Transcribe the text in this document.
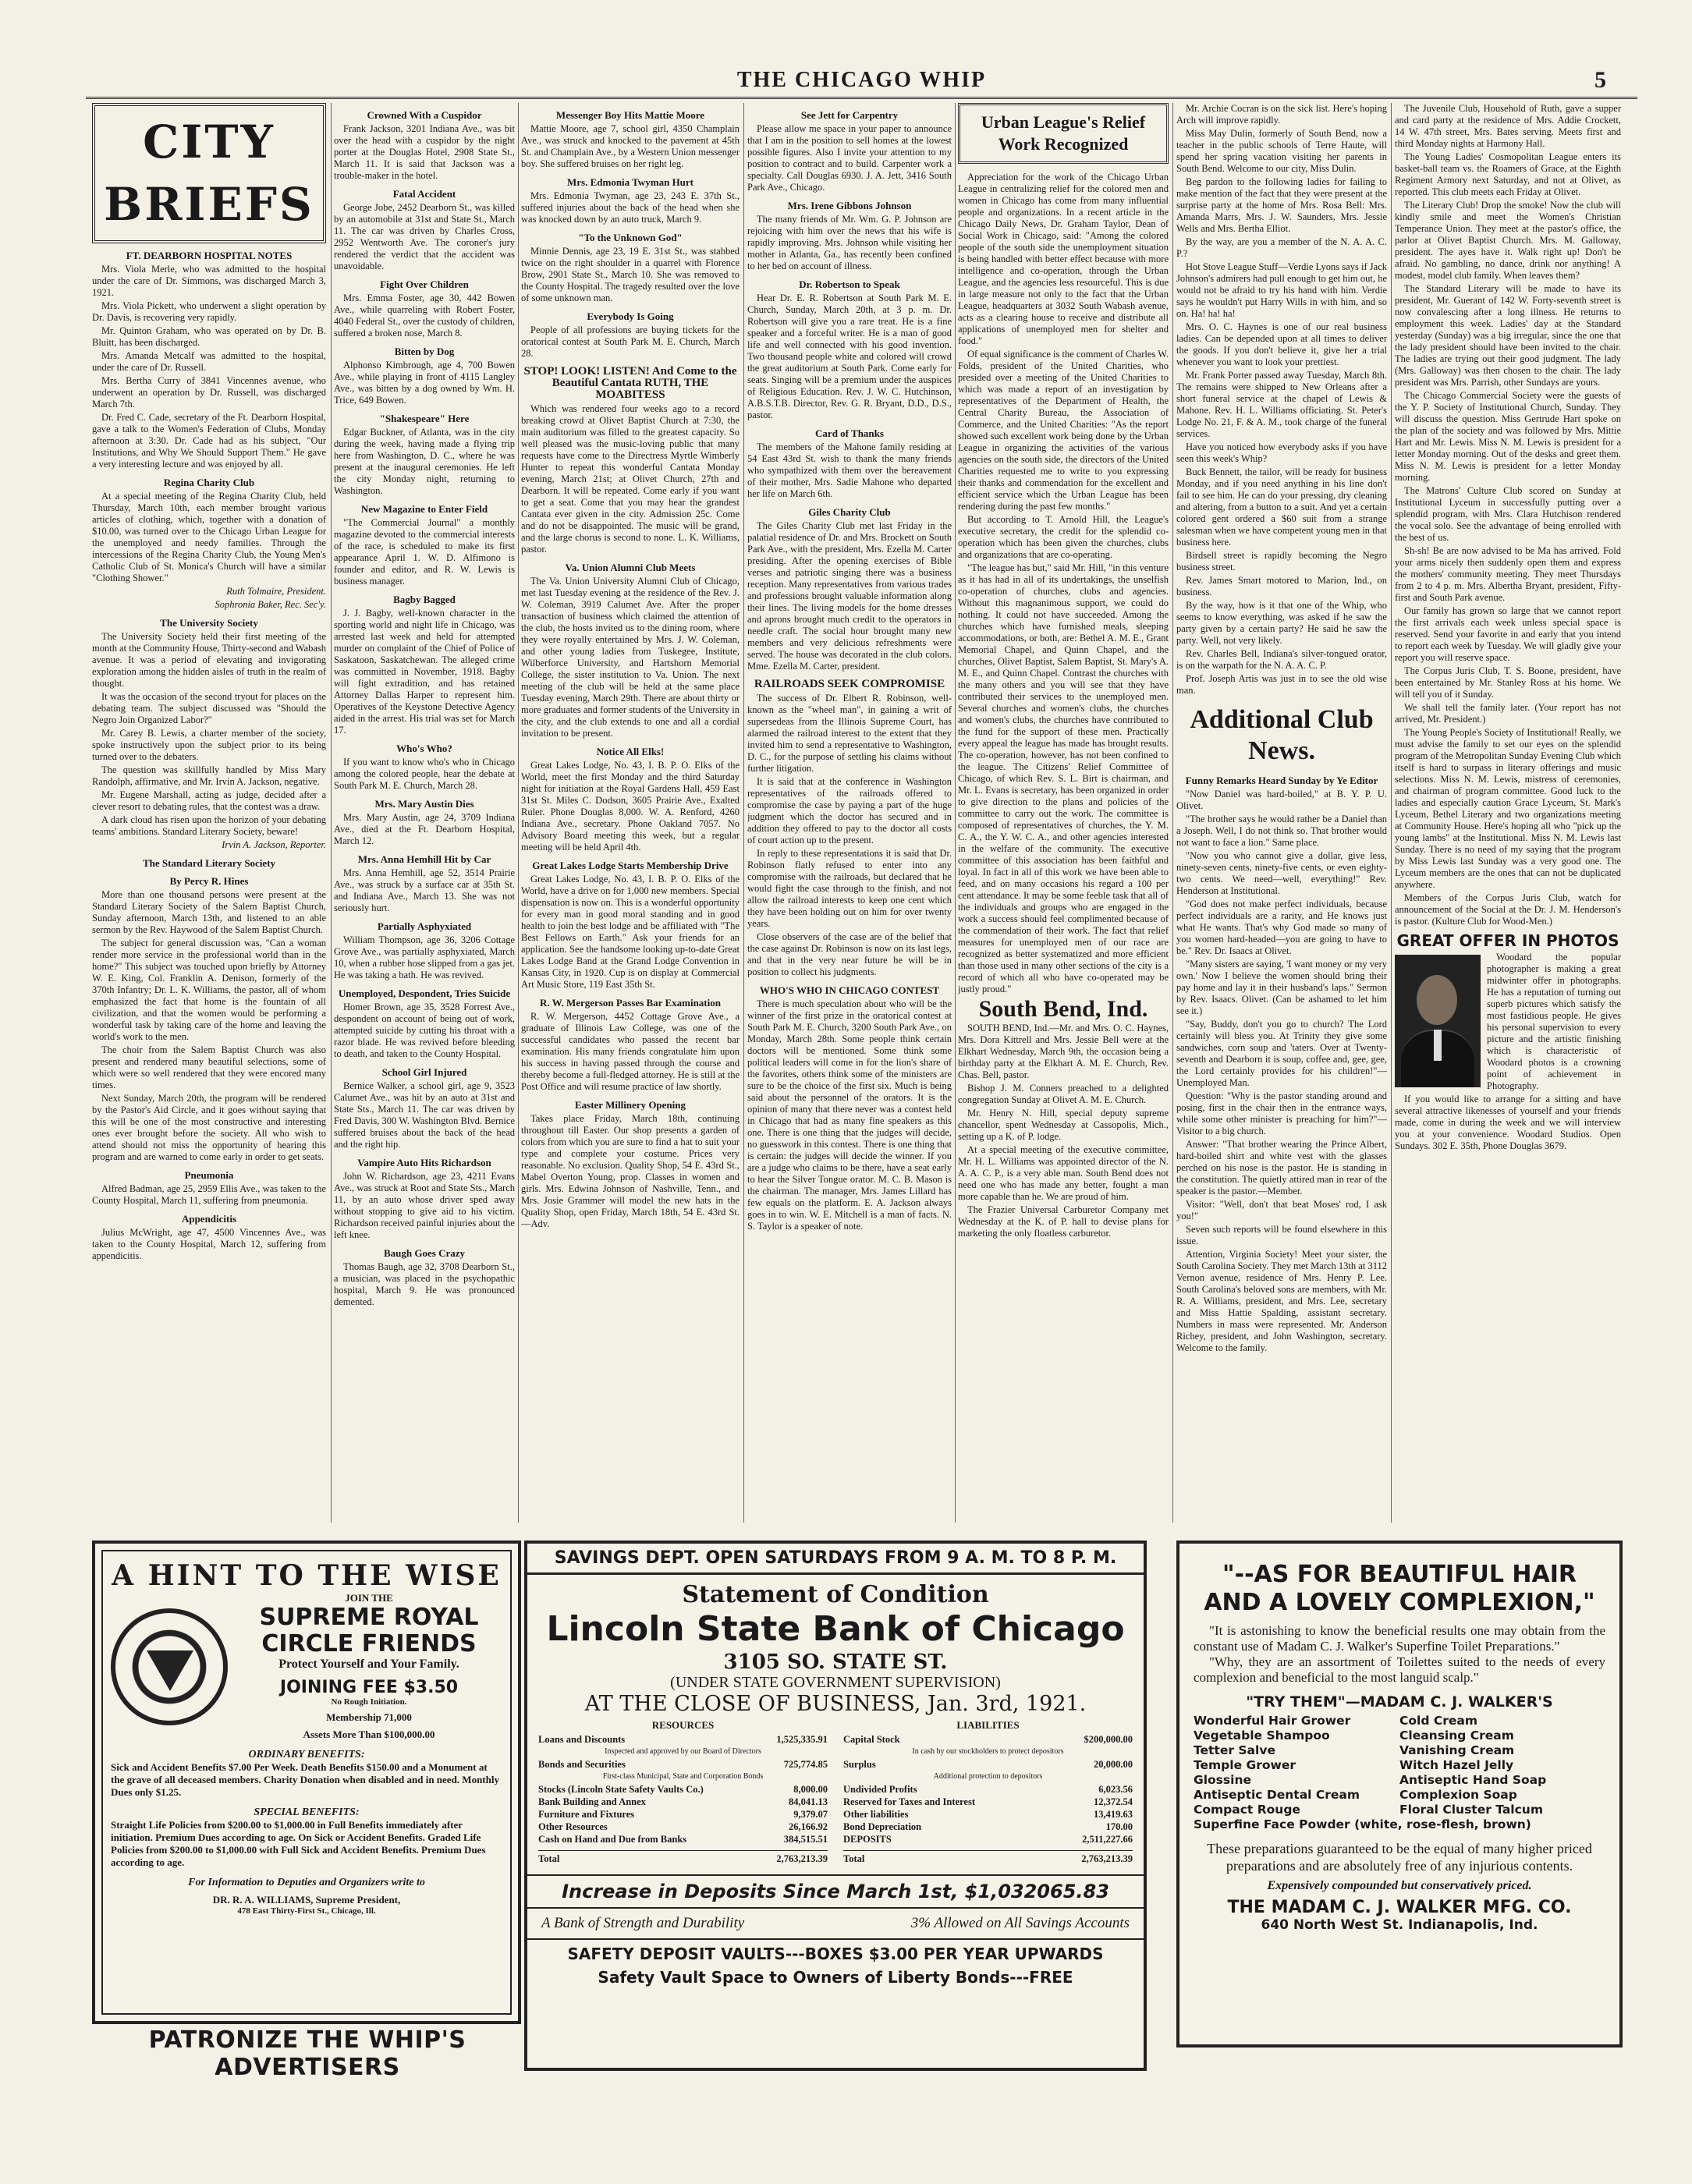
THE CHICAGO WHIP	5
CITY BRIEFS
FT. DEARBORN HOSPITAL NOTES

Mrs. Viola Merle, who was admitted to the hospital under the care of Dr. Simmons, was discharged March 3, 1921.

Mrs. Viola Pickett, who underwent a slight operation by Dr. Davis, is recovering very rapidly.

Mr. Quinton Graham, who was operated on by Dr. B. Bluitt, has been discharged.

Mrs. Amanda Metcalf was admitted to the hospital, under the care of Dr. Russell.

Mrs. Bertha Curry of 3841 Vincennes avenue, who underwent an operation by Dr. Russell, was discharged March 7th.

Dr. Fred C. Cade, secretary of the Ft. Dearborn Hospital, gave a talk to the Women's Federation of Clubs, Monday afternoon at 3:30. Dr. Cade had as his subject, "Our Institutions, and Why We Should Support Them." He gave a very interesting lecture and was enjoyed by all.

Regina Charity Club

At a special meeting of the Regina Charity Club, held Thursday, March 10th, each member brought various articles of clothing, which, together with a donation of $10.00, was turned over to the Chicago Urban League for the unemployed and needy families. Through the intercessions of the Regina Charity Club, the Young Men's Catholic Club of St. Monica's Church will have a similar "Clothing Shower."

Ruth Tolmaire, President.
Sophronia Baker, Rec. Sec'y.
The University Society

The University Society held their first meeting of the month at the Community House, Thirty-second and Wabash avenue. It was a period of elevating and invigorating exploration among the hidden aisles of truth in the realm of thought.

It was the occasion of the second tryout for places on the debating team. The subject discussed was "Should the Negro Join Organized Labor?"

Mr. Carey B. Lewis, a charter member of the society, spoke instructively upon the subject prior to its being turned over to the debaters.

The question was skillfully handled by Miss Mary Randolph, affirmative, and Mr. Irvin A. Jackson, negative.

Mr. Eugene Marshall, acting as judge, decided after a clever resort to debating rules, that the contest was a draw.

A dark cloud has risen upon the horizon of your debating teams' ambitions. Standard Literary Society, beware!

Irvin A. Jackson, Reporter.
The Standard Literary Society
By Percy R. Hines

More than one thousand persons were present at the Standard Literary Society of the Salem Baptist Church, Sunday afternoon, March 13th, and listened to an able sermon by the Rev. Haywood of the Salem Baptist Church.

The subject for general discussion was, "Can a woman render more service in the professional world than in the home?" This subject was touched upon briefly by Attorney W. E. King, Col. Franklin A. Denison, formerly of the 370th Infantry; Dr. L. K. Williams, the pastor, all of whom emphasized the fact that home is the fountain of all civilization, and that the women would be performing a wonderful task by taking care of the home and leaving the world's work to the men.

The choir from the Salem Baptist Church was also present and rendered many beautiful selections, some of which were so well rendered that they were encored many times.

Next Sunday, March 20th, the program will be rendered by the Pastor's Aid Circle, and it goes without saying that this will be one of the most constructive and interesting ones ever brought before the society. All who wish to attend should not miss the opportunity of hearing this program and are warned to come early in order to get seats.

Pneumonia

Alfred Badman, age 25, 2959 Ellis Ave., was taken to the County Hospital, March 11, suffering from pneumonia.

Appendicitis

Julius McWright, age 47, 4500 Vincennes Ave., was taken to the County Hospital, March 12, suffering from appendicitis.

Crowned With a Cuspidor

Frank Jackson, 3201 Indiana Ave., was bit over the head with a cuspidor by the night porter at the Douglas Hotel, 2908 State St., March 11. It is said that Jackson was a trouble-maker in the hotel.

Fatal Accident

George Jobe, 2452 Dearborn St., was killed by an automobile at 31st and State St., March 11. The car was driven by Charles Cross, 2952 Wentworth Ave. The coroner's jury rendered the verdict that the accident was unavoidable.

Fight Over Children

Mrs. Emma Foster, age 30, 442 Bowen Ave., while quarreling with Robert Foster, 4040 Federal St., over the custody of children, suffered a broken nose, March 8.

Bitten by Dog

Alphonso Kimbrough, age 4, 700 Bowen Ave., while playing in front of 4115 Langley Ave., was bitten by a dog owned by Wm. H. Trice, 649 Bowen.

"Shakespeare" Here

Edgar Buckner, of Atlanta, was in the city during the week, having made a flying trip here from Washington, D. C., where he was present at the inaugural ceremonies. He left the city Monday night, returning to Washington.

New Magazine to Enter Field

"The Commercial Journal" a monthly magazine devoted to the commercial interests of the race, is scheduled to make its first appearance April 1. W. D. Alfimono is founder and editor, and R. W. Lewis is business manager.

Bagby Bagged

J. J. Bagby, well-known character in the sporting world and night life in Chicago, was arrested last week and held for attempted murder on complaint of the Chief of Police of Saskatoon, Saskatchewan. The alleged crime was committed in November, 1918. Bagby will fight extradition, and has retained Attorney Dallas Harper to represent him. Operatives of the Keystone Detective Agency aided in the arrest. His trial was set for March 17.

Who's Who?

If you want to know who's who in Chicago among the colored people, hear the debate at South Park M. E. Church, March 28.

Mrs. Mary Austin Dies

Mrs. Mary Austin, age 24, 3709 Indiana Ave., died at the Ft. Dearborn Hospital, March 12.

Mrs. Anna Hemhill Hit by Car

Mrs. Anna Hemhill, age 52, 3514 Prairie Ave., was struck by a surface car at 35th St. and Indiana Ave., March 13. She was not seriously hurt.

Partially Asphyxiated

William Thompson, age 36, 3206 Cottage Grove Ave., was partially asphyxiated, March 10, when a rubber hose slipped from a gas jet. He was taking a bath. He was revived.

Unemployed, Despondent, Tries Suicide

Homer Brown, age 35, 3528 Forrest Ave., despondent on account of being out of work, attempted suicide by cutting his throat with a razor blade. He was revived before bleeding to death, and taken to the County Hospital.

School Girl Injured

Bernice Walker, a school girl, age 9, 3523 Calumet Ave., was hit by an auto at 31st and State Sts., March 11. The car was driven by Fred Davis, 300 W. Washington Blvd. Bernice suffered bruises about the back of the head and the right hip.

Vampire Auto Hits Richardson

John W. Richardson, age 23, 4211 Evans Ave., was struck at Root and State Sts., March 11, by an auto whose driver sped away without stopping to give aid to his victim. Richardson received painful injuries about the left knee.

Baugh Goes Crazy

Thomas Baugh, age 32, 3708 Dearborn St., a musician, was placed in the psychopathic hospital, March 9. He was pronounced demented.

Messenger Boy Hits Mattie Moore

Mattie Moore, age 7, school girl, 4350 Champlain Ave., was struck and knocked to the pavement at 45th St. and Champlain Ave., by a Western Union messenger boy. She suffered bruises on her right leg.

Mrs. Edmonia Twyman Hurt

Mrs. Edmonia Twyman, age 23, 243 E. 37th St., suffered injuries about the back of the head when she was knocked down by an auto truck, March 9.

"To the Unknown God"

Minnie Dennis, age 23, 19 E. 31st St., was stabbed twice on the right shoulder in a quarrel with Florence Brow, 2901 State St., March 10. She was removed to the County Hospital. The tragedy resulted over the love of some unknown man.

Everybody Is Going

People of all professions are buying tickets for the oratorical contest at South Park M. E. Church, March 28.

STOP! LOOK! LISTEN! And Come to the Beautiful Cantata RUTH, THE MOABITESS

Which was rendered four weeks ago to a record breaking crowd at Olivet Baptist Church at 7:30, the main auditorium was filled to the greatest capacity. So well pleased was the music-loving public that many requests have come to the Directress Myrtle Wimberly Hunter to repeat this wonderful Cantata Monday evening, March 21st; at Olivet Church, 27th and Dearborn. It will be repeated. Come early if you want to get a seat. Come that you may hear the grandest Cantata ever given in the city. Admission 25c. Come and do not be disappointed. The music will be grand, and the large chorus is second to none. L. K. Williams, pastor.

Va. Union Alumni Club Meets

The Va. Union University Alumni Club of Chicago, met last Tuesday evening at the residence of the Rev. J. W. Coleman, 3919 Calumet Ave. After the proper transaction of business which claimed the attention of the club, the hosts invited us to the dining room, where they were royally entertained by Mrs. J. W. Coleman, and other young ladies from Tuskegee, Institute, Wilberforce University, and Hartshorn Memorial College, the sister institution to Va. Union. The next meeting of the club will be held at the same place Tuesday evening, March 29th. There are about thirty or more graduates and former students of the University in the city, and the club extends to one and all a cordial invitation to be present.

Notice All Elks!

Great Lakes Lodge, No. 43, I. B. P. O. Elks of the World, meet the first Monday and the third Saturday night for initiation at the Royal Gardens Hall, 459 East 31st St. Miles C. Dodson, 3605 Prairie Ave., Exalted Ruler. Phone Douglas 8,000. W. A. Renford, 4260 Indiana Ave., secretary. Phone Oakland 7057. No Advisory Board meeting this week, but a regular meeting will be held April 4th.

Great Lakes Lodge Starts Membership Drive

Great Lakes Lodge, No. 43, I. B. P. O. Elks of the World, have a drive on for 1,000 new members. Special dispensation is now on. This is a wonderful opportunity for every man in good moral standing and in good health to join the best lodge and be affiliated with "The Best Fellows on Earth." Ask your friends for an application. See the handsome looking up-to-date Great Lakes Lodge Band at the Grand Lodge Convention in Kansas City, in 1920. Cup is on display at Commercial Art Music Store, 119 East 35th St.

R. W. Mergerson Passes Bar Examination

R. W. Mergerson, 4452 Cottage Grove Ave., a graduate of Illinois Law College, was one of the successful candidates who passed the recent bar examination. His many friends congratulate him upon his success in having passed through the course and thereby become a full-fledged attorney. He is still at the Post Office and will resume practice of law shortly.

Easter Millinery Opening

Takes place Friday, March 18th, continuing throughout till Easter. Our shop presents a garden of colors from which you are sure to find a hat to suit your type and complete your costume. Prices very reasonable. No exclusion. Quality Shop, 54 E. 43rd St., Mabel Overton Young, prop. Classes in women and girls. Mrs. Edwina Johnson of Nashville, Tenn., and Mrs. Josie Grammer will model the new hats in the Quality Shop, open Friday, March 18th, 54 E. 43rd St.—Adv.

See Jett for Carpentry

Please allow me space in your paper to announce that I am in the position to sell homes at the lowest possible figures. Also I invite your attention to my position to contract and to build. Carpenter work a specialty. Call Douglas 6930. J. A. Jett, 3416 South Park Ave., Chicago.

Mrs. Irene Gibbons Johnson

The many friends of Mr. Wm. G. P. Johnson are rejoicing with him over the news that his wife is rapidly improving. Mrs. Johnson while visiting her mother in Atlanta, Ga., has recently been confined to her bed on account of illness.

Dr. Robertson to Speak

Hear Dr. E. R. Robertson at South Park M. E. Church, Sunday, March 20th, at 3 p. m. Dr. Robertson will give you a rare treat. He is a fine speaker and a forceful writer. He is a man of good life and well connected with his good invention. Two thousand people white and colored will crowd the great auditorium at South Park. Come early for seats. Singing will be a premium under the auspices of Religious Education. Rev. J. W. C. Hutchinson, A.B.S.T.B. Director, Rev. G. R. Bryant, D.D., D.S., pastor.

Card of Thanks

The members of the Mahone family residing at 54 East 43rd St. wish to thank the many friends who sympathized with them over the bereavement of their mother, Mrs. Sadie Mahone who departed her life on March 6th.

Giles Charity Club

The Giles Charity Club met last Friday in the palatial residence of Dr. and Mrs. Brockett on South Park Ave., with the president, Mrs. Ezella M. Carter presiding. After the opening exercises of Bible verses and patriotic singing there was a business reception. Many representatives from various trades and professions brought valuable information along their lines. The living models for the home dresses and aprons brought much credit to the operators in needle craft. The social hour brought many new members and very delicious refreshments were served. The house was decorated in the club colors. Mme. Ezella M. Carter, president.

RAILROADS SEEK COMPROMISE

The success of Dr. Elbert R. Robinson, well-known as the "wheel man", in gaining a writ of supersedeas from the Illinois Supreme Court, has alarmed the railroad interest to the extent that they invited him to send a representative to Washington, D. C., for the purpose of settling his claims without further litigation.

It is said that at the conference in Washington representatives of the railroads offered to compromise the case by paying a part of the huge judgment which the doctor has secured and in addition they offered to pay to the doctor all costs of court action up to the present.

In reply to these representations it is said that Dr. Robinson flatly refused to enter into any compromise with the railroads, but declared that he would fight the case through to the finish, and not allow the railroad interests to keep one cent which they have been holding out on him for over twenty years.

Close observers of the case are of the belief that the case against Dr. Robinson is now on its last legs, and that in the very near future he will be in position to collect his judgments.

WHO'S WHO IN CHICAGO CONTEST

There is much speculation about who will be the winner of the first prize in the oratorical contest at South Park M. E. Church, 3200 South Park Ave., on Monday, March 28th. Some people think certain doctors will be mentioned. Some think some political leaders will come in for the lion's share of the favorites, others think some of the ministers are sure to be the choice of the first six. Much is being said about the personnel of the orators. It is the opinion of many that there never was a contest held in Chicago that had as many fine speakers as this one. There is one thing that the judges will decide, no guesswork in this contest. There is one thing that is certain: the judges will decide the winner. If you are a judge who claims to be there, have a seat early to hear the Silver Tongue orator. M. C. B. Mason is the chairman. The manager, Mrs. James Lillard has few equals on the platform. E. A. Jackson always goes in to win. W. E. Mitchell is a man of facts. N. S. Taylor is a speaker of note.

Urban League's Relief Work Recognized

Appreciation for the work of the Chicago Urban League in centralizing relief for the colored men and women in Chicago has come from many influential people and organizations. In a recent article in the Chicago Daily News, Dr. Graham Taylor, Dean of Social Work in Chicago, said: "Among the colored people of the south side the unemployment situation is being handled with better effect because with more intelligence and co-operation, through the Urban League, and the agencies less resourceful. This is due in large measure not only to the fact that the Urban League, headquarters at 3032 South Wabash avenue, acts as a clearing house to receive and distribute all applications of unemployed men for shelter and food."

Of equal significance is the comment of Charles W. Folds, president of the United Charities, who presided over a meeting of the United Charities to which was made a report of an investigation by representatives of the Department of Health, the Central Charity Bureau, the Association of Commerce, and the United Charities: "As the report showed such excellent work being done by the Urban League in organizing the activities of the various agencies on the south side, the directors of the United Charities requested me to write to you expressing their thanks and commendation for the excellent and efficient service which the Urban League has been rendering during the past few months."

But according to T. Arnold Hill, the League's executive secretary, the credit for the splendid co-operation which has been given the churches, clubs and organizations that are co-operating.

"The league has but," said Mr. Hill, "in this venture as it has had in all of its undertakings, the unselfish co-operation of churches, clubs and agencies. Without this magnanimous support, we could do nothing. It could not have succeeded. Among the churches which have furnished meals, sleeping accommodations, or both, are: Bethel A. M. E., Grant Memorial Chapel, and Quinn Chapel, and the churches, Olivet Baptist, Salem Baptist, St. Mary's A. M. E., and Quinn Chapel. Contrast the churches with the many others and you will see that they have contributed their services to the unemployed men. Several churches and women's clubs, the churches and women's clubs, the churches have contributed to the fund for the support of these men. Practically every appeal the league has made has brought results. The co-operation, however, has not been confined to the league. The Citizens' Relief Committee of Chicago, of which Rev. S. L. Birt is chairman, and Mr. L. Evans is secretary, has been organized in order to give direction to the plans and policies of the committee to carry out the work. The committee is composed of representatives of churches, the Y. M. C. A., the Y. W. C. A., and other agencies interested in the welfare of the community. The executive committee of this association has been faithful and loyal. In fact in all of this work we have been able to feed, and on many occasions his regard a 100 per cent attendance. It may be some feeble task that all of the individuals and groups who are engaged in the work a success should feel complimented because of the commendation of their work. The fact that relief measures for unemployed men of our race are recognized as better systematized and more efficient than those used in many other sections of the city is a record of which all who have co-operated may be justly proud."

South Bend, Ind.

SOUTH BEND, Ind.—Mr. and Mrs. O. C. Haynes, Mrs. Dora Kittrell and Mrs. Jessie Bell were at the Elkhart Wednesday, March 9th, the occasion being a birthday party at the Elkhart A. M. E. Church, Rev. Chas. Bell, pastor.

Bishop J. M. Conners preached to a delighted congregation Sunday at Olivet A. M. E. Church.

Mr. Henry N. Hill, special deputy supreme chancellor, spent Wednesday at Cassopolis, Mich., setting up a K. of P. lodge.

At a special meeting of the executive committee, Mr. H. L. Williams was appointed director of the N. A. A. C. P., is a very able man. South Bend does not need one who has made any better, fought a man more capable than he. We are proud of him.

The Frazier Universal Carburetor Company met Wednesday at the K. of P. hall to devise plans for marketing the only floatless carburetor.

Mr. Archie Cocran is on the sick list. Here's hoping Arch will improve rapidly.

Miss May Dulin, formerly of South Bend, now a teacher in the public schools of Terre Haute, will spend her spring vacation visiting her parents in South Bend. Welcome to our city, Miss Dulin.

Beg pardon to the following ladies for failing to make mention of the fact that they were present at the surprise party at the home of Mrs. Rosa Bell: Mrs. Amanda Marrs, Mrs. J. W. Saunders, Mrs. Jessie Wells and Mrs. Bertha Elliot.

By the way, are you a member of the N. A. A. C. P.?

Hot Stove League Stuff—Verdie Lyons says if Jack Johnson's admirers had pull enough to get him out, he would not be afraid to try his hand with him. Verdie says he wouldn't put Harry Wills in with him, and so on. Ha! ha! ha!

Mrs. O. C. Haynes is one of our real business ladies. Can be depended upon at all times to deliver the goods. If you don't believe it, give her a trial whenever you want to look your prettiest.

Mr. Frank Porter passed away Tuesday, March 8th. The remains were shipped to New Orleans after a short funeral service at the chapel of Lewis & Mahone. Rev. H. L. Williams officiating. St. Peter's Lodge No. 21, F. & A. M., took charge of the funeral services.

Have you noticed how everybody asks if you have seen this week's Whip?

Buck Bennett, the tailor, will be ready for business Monday, and if you need anything in his line don't fail to see him. He can do your pressing, dry cleaning and altering, from a button to a suit. And yet a certain colored gent ordered a $60 suit from a strange salesman when we have competent young men in that business here.

Birdsell street is rapidly becoming the Negro business street.

Rev. James Smart motored to Marion, Ind., on business.

By the way, how is it that one of the Whip, who seems to know everything, was asked if he saw the party given by a certain party? He said he saw the party. Well, not very likely.

Rev. Charles Bell, Indiana's silver-tongued orator, is on the warpath for the N. A. A. C. P.

Prof. Joseph Artis was just in to see the old wise man.

Additional Club News.
Funny Remarks Heard Sunday by Ye Editor

"Now Daniel was hard-boiled," at B. Y. P. U. Olivet.

"The brother says he would rather be a Daniel than a Joseph. Well, I do not think so. That brother would not want to face a lion." Same place.

"Now you who cannot give a dollar, give less, ninety-seven cents, ninety-five cents, or even eighty-two cents. We need—well, everything!" Rev. Henderson at Institutional.

"God does not make perfect individuals, because perfect individuals are a rarity, and He knows just what He wants. That's why God made so many of you women hard-headed—you are going to have to be." Rev. Dr. Isaacs at Olivet.

"Many sisters are saying, 'I want money or my very own.' Now I believe the women should bring their pay home and lay it in their husband's laps." Sermon by Rev. Isaacs. Olivet. (Can be ashamed to let him see it.)

"Say, Buddy, don't you go to church? The Lord certainly will bless you. At Trinity they give some sandwiches, corn soup and 'taters. Over at Twenty-seventh and Dearborn it is soup, coffee and, gee, gee, the Lord certainly provides for his children!"—Unemployed Man.

Question: "Why is the pastor standing around and posing, first in the chair then in the entrance ways, while some other minister is preaching for him?"—Visitor to a big church.

Answer: "That brother wearing the Prince Albert, hard-boiled shirt and white vest with the glasses perched on his nose is the pastor. He is standing in the constitution. The quietly attired man in rear of the speaker is the pastor.—Member.

Visitor: "Well, don't that beat Moses' rod, I ask you!"

Seven such reports will be found elsewhere in this issue.

Attention, Virginia Society! Meet your sister, the South Carolina Society. They met March 13th at 3112 Vernon avenue, residence of Mrs. Henry P. Lee. South Carolina's beloved sons are members, with Mr. R. A. Williams, president, and Mrs. Lee, secretary and Miss Hattie Spalding, assistant secretary. Numbers in mass were represented. Mr. Anderson Richey, president, and John Washington, secretary. Welcome to the family.

The Juvenile Club, Household of Ruth, gave a supper and card party at the residence of Mrs. Addie Crockett, 14 W. 47th street, Mrs. Bates serving. Meets first and third Monday nights at Harmony Hall.

The Young Ladies' Cosmopolitan League enters its basket-ball team vs. the Roamers of Grace, at the Eighth Regiment Armory next Saturday, and not at Olivet, as reported. This club meets each Friday at Olivet.

The Literary Club! Drop the smoke! Now the club will kindly smile and meet the Women's Christian Temperance Union. They meet at the pastor's office, the parlor at Olivet Baptist Church. Mrs. M. Galloway, president. The ayes have it. Walk right up! Don't be afraid. No gambling, no dance, drink nor anything! A modest, model club family. When leaves them?

The Standard Literary will be made to have its president, Mr. Guerant of 142 W. Forty-seventh street is now convalescing after a long illness. He returns to employment this week. Ladies' day at the Standard yesterday (Sunday) was a big irregular, since the one that the lady president should have been invited to the chair. The ladies are trying out their good judgment. The lady (Mrs. Galloway) was then chosen to the chair. The lady president was Mrs. Parrish, other Sundays are yours.

The Chicago Commercial Society were the guests of the Y. P. Society of Institutional Church, Sunday. They will discuss the question. Miss Gertrude Hart spoke on the plan of the society and was followed by Mrs. Mittie Hart and Mr. Lewis. Miss N. M. Lewis is president for a letter Monday morning. Out of the desks and greet them. Miss N. M. Lewis is president for a letter Monday morning.

The Matrons' Culture Club scored on Sunday at Institutional Lyceum in successfully putting over a splendid program, with Mrs. Clara Hutchison rendered the vocal solo. See the advantage of being enrolled with the best of us.

Sh-sh! Be are now advised to be Ma has arrived. Fold your arms nicely then suddenly open them and express the mothers' community meeting. They meet Thursdays from 2 to 4 p. m. Mrs. Albertha Bryant, president, Fifty-first and South Park avenue.

Our family has grown so large that we cannot report the first arrivals each week unless special space is reserved. Send your favorite in and early that you intend to report each week by Tuesday. We will gladly give your report you will reserve space.

The Corpus Juris Club, T. S. Boone, president, have been entertained by Mr. Stanley Ross at his home. We will tell you of it Sunday.

We shall tell the family later. (Your report has not arrived, Mr. President.)

The Young People's Society of Institutional! Really, we must advise the family to set our eyes on the splendid program of the Metropolitan Sunday Evening Club which itself is hard to surpass in literary offerings and music selections. Miss N. M. Lewis, mistress of ceremonies, and chairman of program committee. Good luck to the ladies and especially caution Grace Lyceum, St. Mark's Lyceum, Bethel Literary and two organizations meeting at Community House. Here's hoping all who "pick up the young lambs" at the Institutional. Miss N. M. Lewis last Sunday. There is no need of my saying that the program by Miss Lewis last Sunday was a very good one. The Lyceum members are the ones that can not be duplicated anywhere.

Members of the Corpus Juris Club, watch for announcement of the Social at the Dr. J. M. Henderson's is pastor. (Kulture Club for Wood-Men.)

GREAT OFFER IN PHOTOS

Woodard the popular photographer is making a great midwinter offer in photographs. He has a reputation of turning out superb pictures which satisfy the most fastidious people. He gives his personal supervision to every picture and the artistic finishing which is characteristic of Woodard photos is a crowning point of achievement in Photography.

If you would like to arrange for a sitting and have several attractive likenesses of yourself and your friends made, come in during the week and we will interview you at your convenience. Woodard Studios. Open Sundays. 302 E. 35th, Phone Douglas 3679.

A HINT TO THE WISE
JOIN THE
SUPREME ROYAL CIRCLE FRIENDS
Protect Yourself and Your Family.
JOINING FEE $3.50
No Rough Initiation.
Membership 71,000
Assets More Than $100,000.00
ORDINARY BENEFITS:
Sick and Accident Benefits $7.00 Per Week. Death Benefits $150.00 and a Monument at the grave of all deceased members. Charity Donation when disabled and in need. Monthly Dues only $1.25.
SPECIAL BENEFITS:
Straight Life Policies from $200.00 to $1,000.00 in Full Benefits immediately after initiation. Premium Dues according to age. On Sick or Accident Benefits. Graded Life Policies from $200.00 to $1,000.00 with Full Sick and Accident Benefits. Premium Dues according to age.
For Information to Deputies and Organizers write to
DR. R. A. WILLIAMS, Supreme President,
478 East Thirty-First St., Chicago, Ill.
PATRONIZE THE WHIP'S ADVERTISERS
SAVINGS DEPT. OPEN SATURDAYS FROM 9 A. M. TO 8 P. M.
Statement of Condition
Lincoln State Bank of Chicago
3105 SO. STATE ST.
(UNDER STATE GOVERNMENT SUPERVISION)
AT THE CLOSE OF BUSINESS, Jan. 3rd, 1921.
RESOURCES
Loans and Discounts	1,525,335.91
Inspected and approved by our Board of Directors
Bonds and Securities	725,774.85
First-class Municipal, State and Corporation Bonds
Stocks (Lincoln State Safety Vaults Co.)	8,000.00
Bank Building and Annex	84,041.13
Furniture and Fixtures	9,379.07
Other Resources	26,166.92
Cash on Hand and Due from Banks	384,515.51
Total	2,763,213.39
LIABILITIES
Capital Stock	$200,000.00
In cash by our stockholders to protect depositors
Surplus	20,000.00
Additional protection to depositors
Undivided Profits	6,023.56
Reserved for Taxes and Interest	12,372.54
Other liabilities	13,419.63
Bond Depreciation	170.00
DEPOSITS	2,511,227.66
Total	2,763,213.39
Increase in Deposits Since March 1st, $1,032065.83
A Bank of Strength and Durability	3% Allowed on All Savings Accounts
SAFETY DEPOSIT VAULTS---BOXES $3.00 PER YEAR UPWARDS
Safety Vault Space to Owners of Liberty Bonds---FREE
"--AS FOR BEAUTIFUL HAIR AND A LOVELY COMPLEXION,"
"It is astonishing to know the beneficial results one may obtain from the constant use of Madam C. J. Walker's Superfine Toilet Preparations."
"Why, they are an assortment of Toilettes suited to the needs of every complexion and beneficial to the most languid scalp."
"TRY THEM"—MADAM C. J. WALKER'S
Wonderful Hair Grower
Vegetable Shampoo
Tetter Salve
Temple Grower
Glossine
Antiseptic Dental Cream
Compact Rouge
Cold Cream
Cleansing Cream
Vanishing Cream
Witch Hazel Jelly
Antiseptic Hand Soap
Complexion Soap
Floral Cluster Talcum
Superfine Face Powder (white, rose-flesh, brown)
These preparations guaranteed to be the equal of many higher priced preparations and are absolutely free of any injurious contents.
Expensively compounded but conservatively priced.
THE MADAM C. J. WALKER MFG. CO.
640 North West St. Indianapolis, Ind.
